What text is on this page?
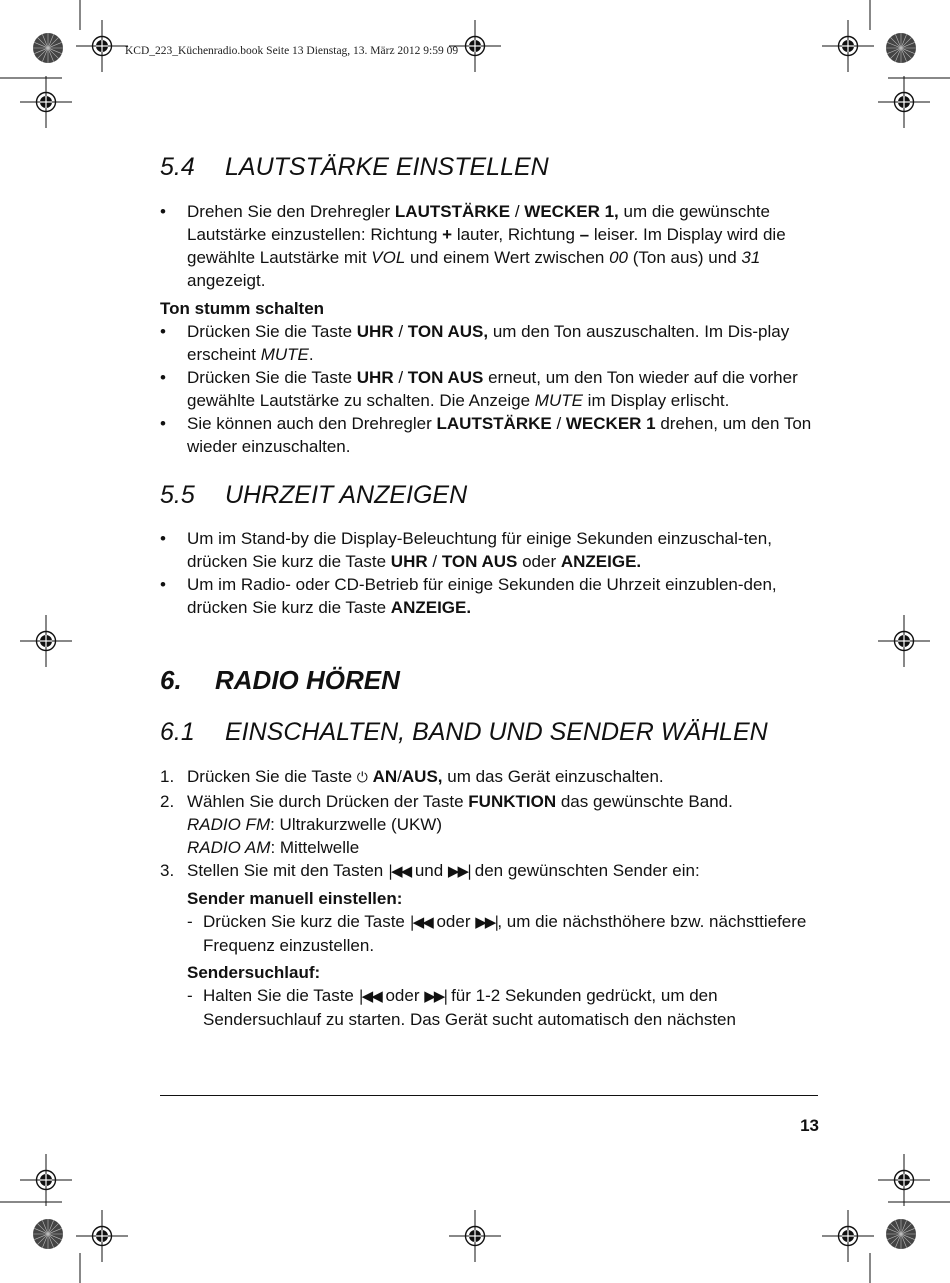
KCD_223_Küchenradio.book Seite 13 Dienstag, 13. März 2012 9:59 09
5.4 LAUTSTÄRKE EINSTELLEN
• Drehen Sie den Drehregler LAUTSTÄRKE / WECKER 1, um die gewünschte Lautstärke einzustellen: Richtung + lauter, Richtung – leiser. Im Display wird die gewählte Lautstärke mit VOL und einem Wert zwischen 00 (Ton aus) und 31 angezeigt.
Ton stumm schalten
• Drücken Sie die Taste UHR / TON AUS, um den Ton auszuschalten. Im Dis-play erscheint MUTE.
• Drücken Sie die Taste UHR / TON AUS erneut, um den Ton wieder auf die vorher gewählte Lautstärke zu schalten. Die Anzeige MUTE im Display erlischt.
• Sie können auch den Drehregler LAUTSTÄRKE / WECKER 1 drehen, um den Ton wieder einzuschalten.
5.5 UHRZEIT ANZEIGEN
• Um im Stand-by die Display-Beleuchtung für einige Sekunden einzuschal-ten, drücken Sie kurz die Taste UHR / TON AUS oder ANZEIGE.
• Um im Radio- oder CD-Betrieb für einige Sekunden die Uhrzeit einzublen-den, drücken Sie kurz die Taste ANZEIGE.
6. RADIO HÖREN
6.1 EINSCHALTEN, BAND UND SENDER WÄHLEN
1. Drücken Sie die Taste ⏻ AN/AUS, um das Gerät einzuschalten.
2. Wählen Sie durch Drücken der Taste FUNKTION das gewünschte Band.
RADIO FM: Ultrakurzwelle (UKW)
RADIO AM: Mittelwelle
3. Stellen Sie mit den Tasten |◀◀ und ▶▶| den gewünschten Sender ein:
Sender manuell einstellen:
- Drücken Sie kurz die Taste |◀◀ oder ▶▶|, um die nächsthöhere bzw. nächsttiefere Frequenz einzustellen.
Sendersuchlauf:
- Halten Sie die Taste |◀◀ oder ▶▶| für 1-2 Sekunden gedrückt, um den Sendersuchlauf zu starten. Das Gerät sucht automatisch den nächsten
13
